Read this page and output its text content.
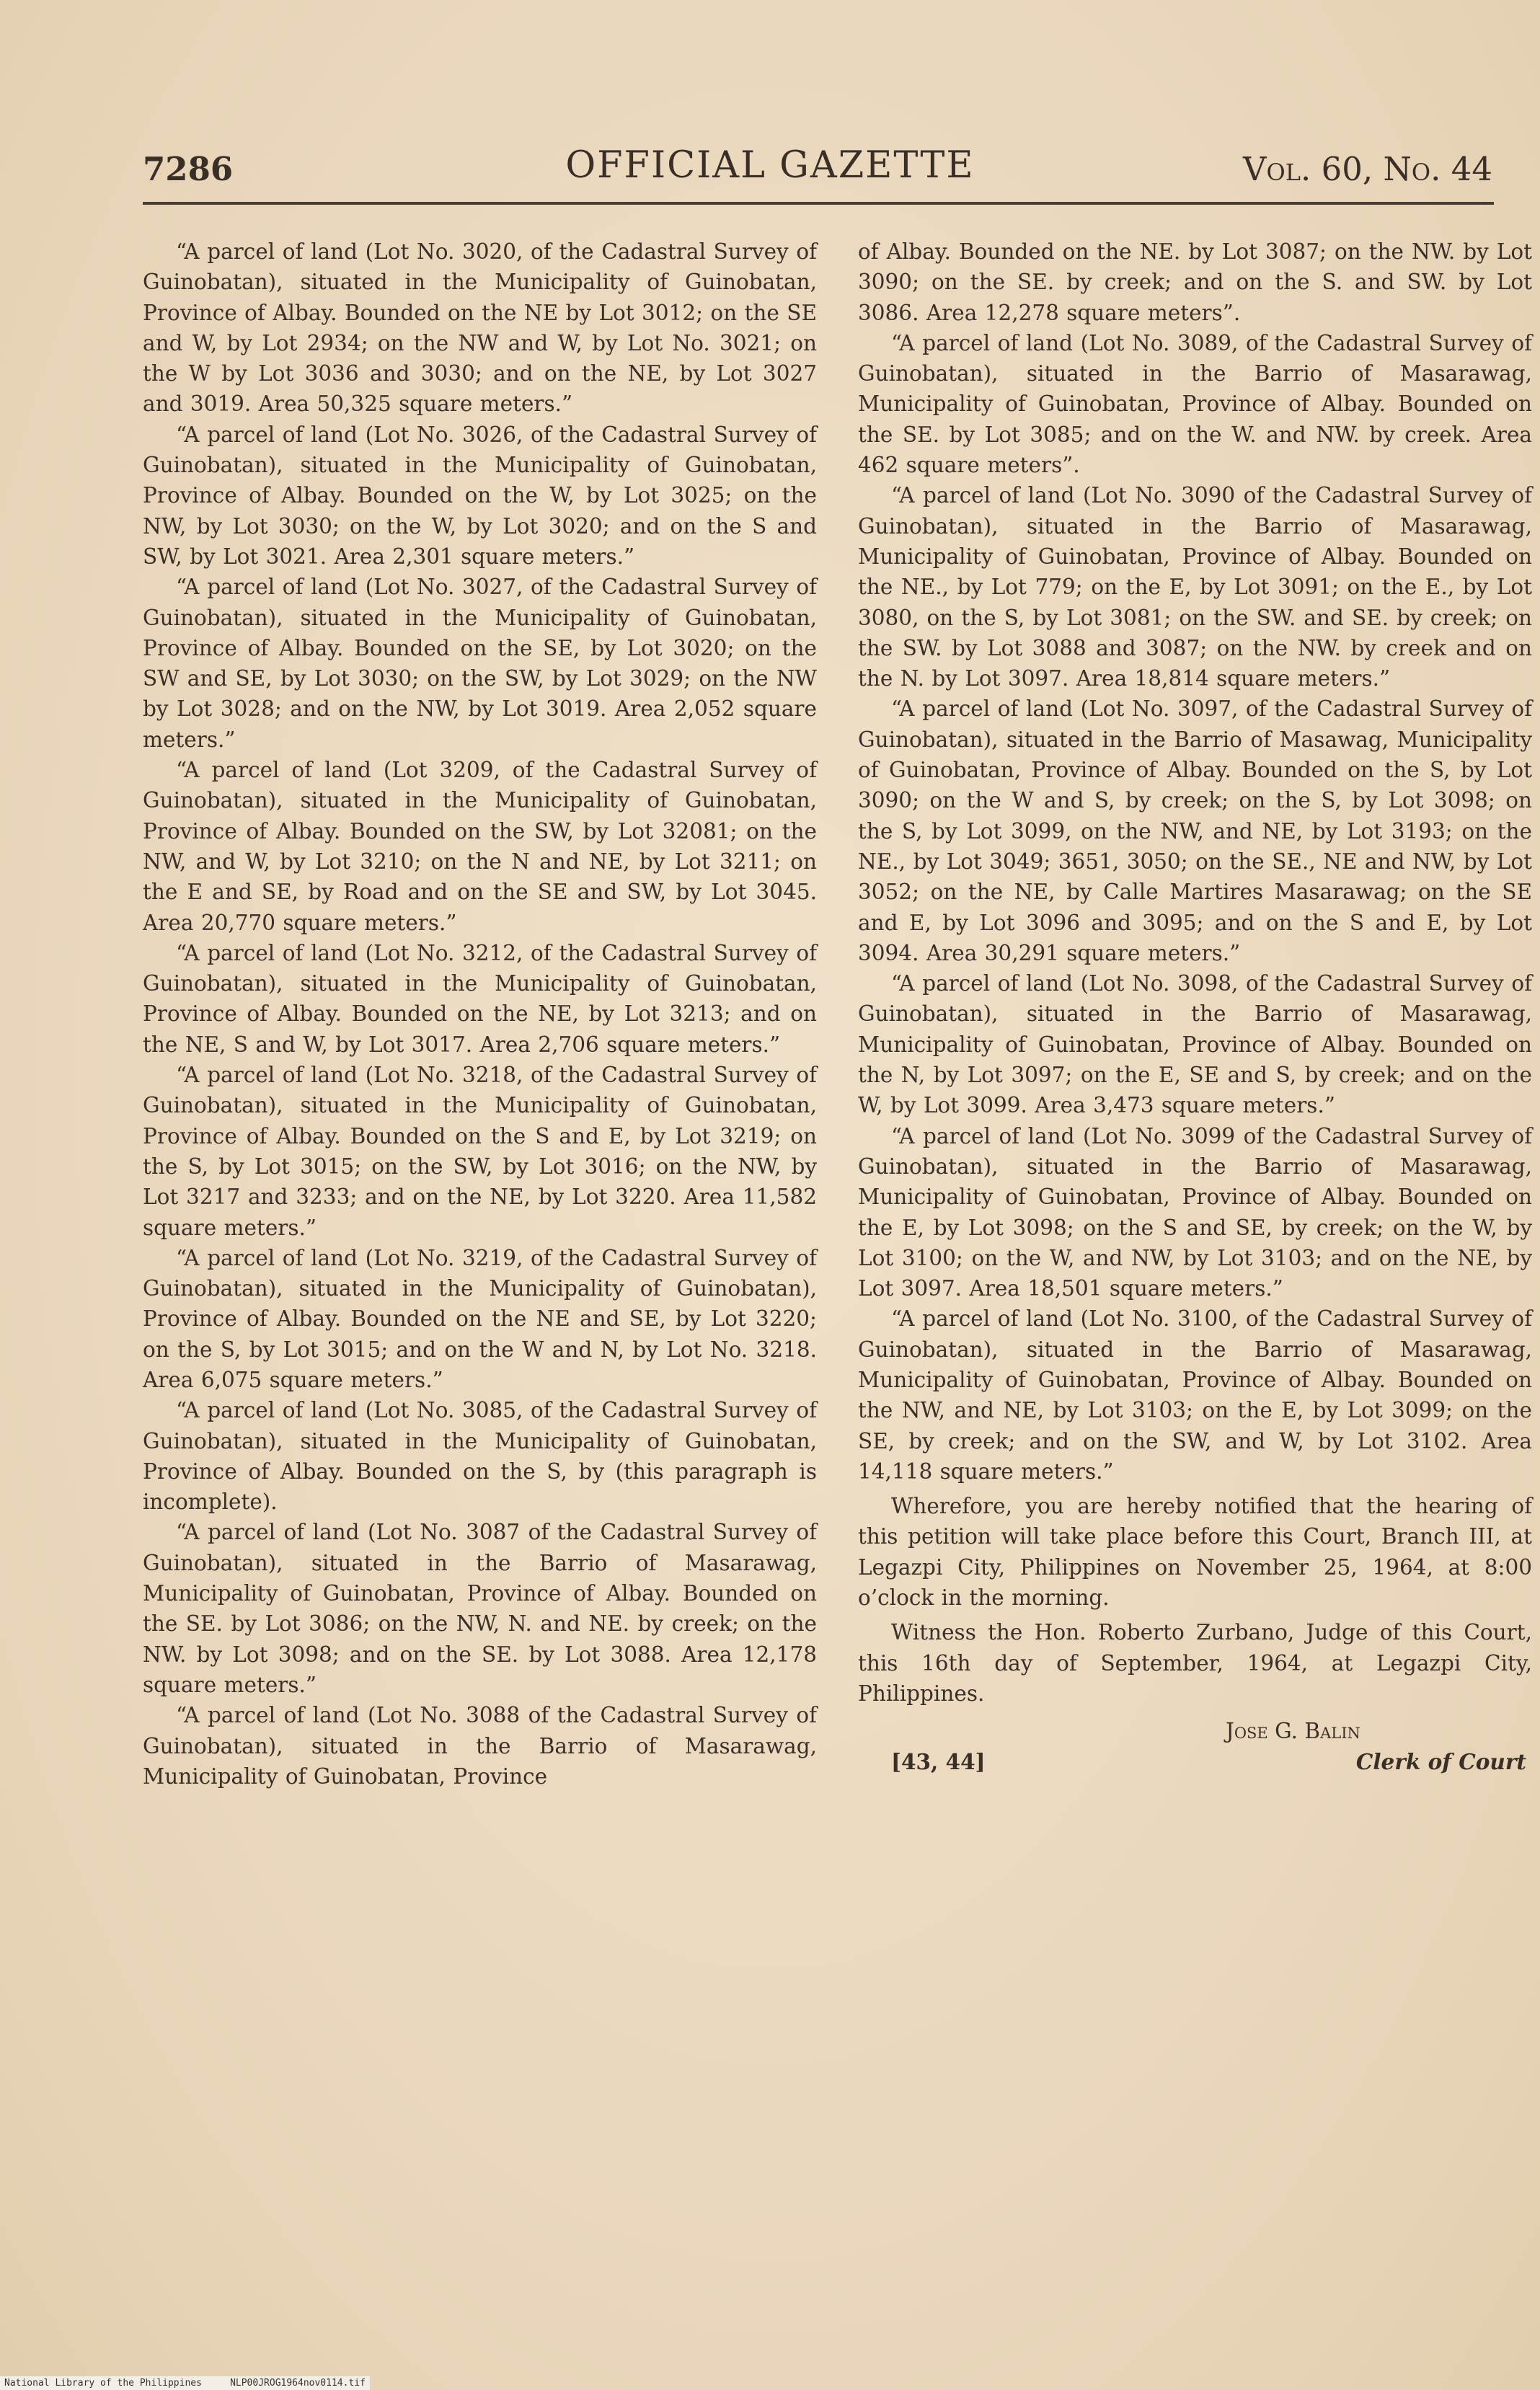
7286	OFFICIAL GAZETTE	Vol. 60, No. 44

“A parcel of land (Lot No. 3020, of the Cadastral Survey of Guinobatan), situated in the Municipality of Guinobatan, Province of Albay. Bounded on the NE by Lot 3012; on the SE and W, by Lot 2934; on the NW and W, by Lot No. 3021; on the W by Lot 3036 and 3030; and on the NE, by Lot 3027 and 3019. Area 50,325 square meters.”

“A parcel of land (Lot No. 3026, of the Cadastral Survey of Guinobatan), situated in the Municipality of Guinobatan, Province of Albay. Bounded on the W, by Lot 3025; on the NW, by Lot 3030; on the W, by Lot 3020; and on the S and SW, by Lot 3021. Area 2,301 square meters.”

“A parcel of land (Lot No. 3027, of the Cadastral Survey of Guinobatan), situated in the Municipality of Guinobatan, Province of Albay. Bounded on the SE, by Lot 3020; on the SW and SE, by Lot 3030; on the SW, by Lot 3029; on the NW by Lot 3028; and on the NW, by Lot 3019. Area 2,052 square meters.”

“A parcel of land (Lot 3209, of the Cadastral Survey of Guinobatan), situated in the Municipality of Guinobatan, Province of Albay. Bounded on the SW, by Lot 32081; on the NW, and W, by Lot 3210; on the N and NE, by Lot 3211; on the E and SE, by Road and on the SE and SW, by Lot 3045. Area 20,770 square meters.”

“A parcel of land (Lot No. 3212, of the Cadastral Survey of Guinobatan), situated in the Municipality of Guinobatan, Province of Albay. Bounded on the NE, by Lot 3213; and on the NE, S and W, by Lot 3017. Area 2,706 square meters.”

“A parcel of land (Lot No. 3218, of the Cadastral Survey of Guinobatan), situated in the Municipality of Guinobatan, Province of Albay. Bounded on the S and E, by Lot 3219; on the S, by Lot 3015; on the SW, by Lot 3016; on the NW, by Lot 3217 and 3233; and on the NE, by Lot 3220. Area 11,582 square meters.”

“A parcel of land (Lot No. 3219, of the Cadastral Survey of Guinobatan), situated in the Municipality of Guinobatan), Province of Albay. Bounded on the NE and SE, by Lot 3220; on the S, by Lot 3015; and on the W and N, by Lot No. 3218. Area 6,075 square meters.”

“A parcel of land (Lot No. 3085, of the Cadastral Survey of Guinobatan), situated in the Municipality of Guinobatan, Province of Albay. Bounded on the S, by (this paragraph is incomplete).

“A parcel of land (Lot No. 3087 of the Cadastral Survey of Guinobatan), situated in the Barrio of Masarawag, Municipality of Guinobatan, Province of Albay. Bounded on the SE. by Lot 3086; on the NW, N. and NE. by creek; on the NW. by Lot 3098; and on the SE. by Lot 3088. Area 12,178 square meters.”

“A parcel of land (Lot No. 3088 of the Cadastral Survey of Guinobatan), situated in the Barrio of Masarawag, Municipality of Guinobatan, Province

of Albay. Bounded on the NE. by Lot 3087; on the NW. by Lot 3090; on the SE. by creek; and on the S. and SW. by Lot 3086. Area 12,278 square meters”.

“A parcel of land (Lot No. 3089, of the Cadastral Survey of Guinobatan), situated in the Barrio of Masarawag, Municipality of Guinobatan, Province of Albay. Bounded on the SE. by Lot 3085; and on the W. and NW. by creek. Area 462 square meters”.

“A parcel of land (Lot No. 3090 of the Cadastral Survey of Guinobatan), situated in the Barrio of Masarawag, Municipality of Guinobatan, Province of Albay. Bounded on the NE., by Lot 779; on the E, by Lot 3091; on the E., by Lot 3080, on the S, by Lot 3081; on the SW. and SE. by creek; on the SW. by Lot 3088 and 3087; on the NW. by creek and on the N. by Lot 3097. Area 18,814 square meters.”

“A parcel of land (Lot No. 3097, of the Cadastral Survey of Guinobatan), situated in the Barrio of Masawag, Municipality of Guinobatan, Province of Albay. Bounded on the S, by Lot 3090; on the W and S, by creek; on the S, by Lot 3098; on the S, by Lot 3099, on the NW, and NE, by Lot 3193; on the NE., by Lot 3049; 3651, 3050; on the SE., NE and NW, by Lot 3052; on the NE, by Calle Martires Masarawag; on the SE and E, by Lot 3096 and 3095; and on the S and E, by Lot 3094. Area 30,291 square meters.”

“A parcel of land (Lot No. 3098, of the Cadastral Survey of Guinobatan), situated in the Barrio of Masarawag, Municipality of Guinobatan, Province of Albay. Bounded on the N, by Lot 3097; on the E, SE and S, by creek; and on the W, by Lot 3099. Area 3,473 square meters.”

“A parcel of land (Lot No. 3099 of the Cadastral Survey of Guinobatan), situated in the Barrio of Masarawag, Municipality of Guinobatan, Province of Albay. Bounded on the E, by Lot 3098; on the S and SE, by creek; on the W, by Lot 3100; on the W, and NW, by Lot 3103; and on the NE, by Lot 3097. Area 18,501 square meters.”

“A parcel of land (Lot No. 3100, of the Cadastral Survey of Guinobatan), situated in the Barrio of Masarawag, Municipality of Guinobatan, Province of Albay. Bounded on the NW, and NE, by Lot 3103; on the E, by Lot 3099; on the SE, by creek; and on the SW, and W, by Lot 3102. Area 14,118 square meters.”

Wherefore, you are hereby notified that the hearing of this petition will take place before this Court, Branch III, at Legazpi City, Philippines on November 25, 1964, at 8:00 o’clock in the morning.

Witness the Hon. Roberto Zurbano, Judge of this Court, this 16th day of September, 1964, at Legazpi City, Philippines.

Jose G. Balin
[43, 44]	Clerk of Court
National Library of the Philippines	NLP00JROG1964nov0114.tif
